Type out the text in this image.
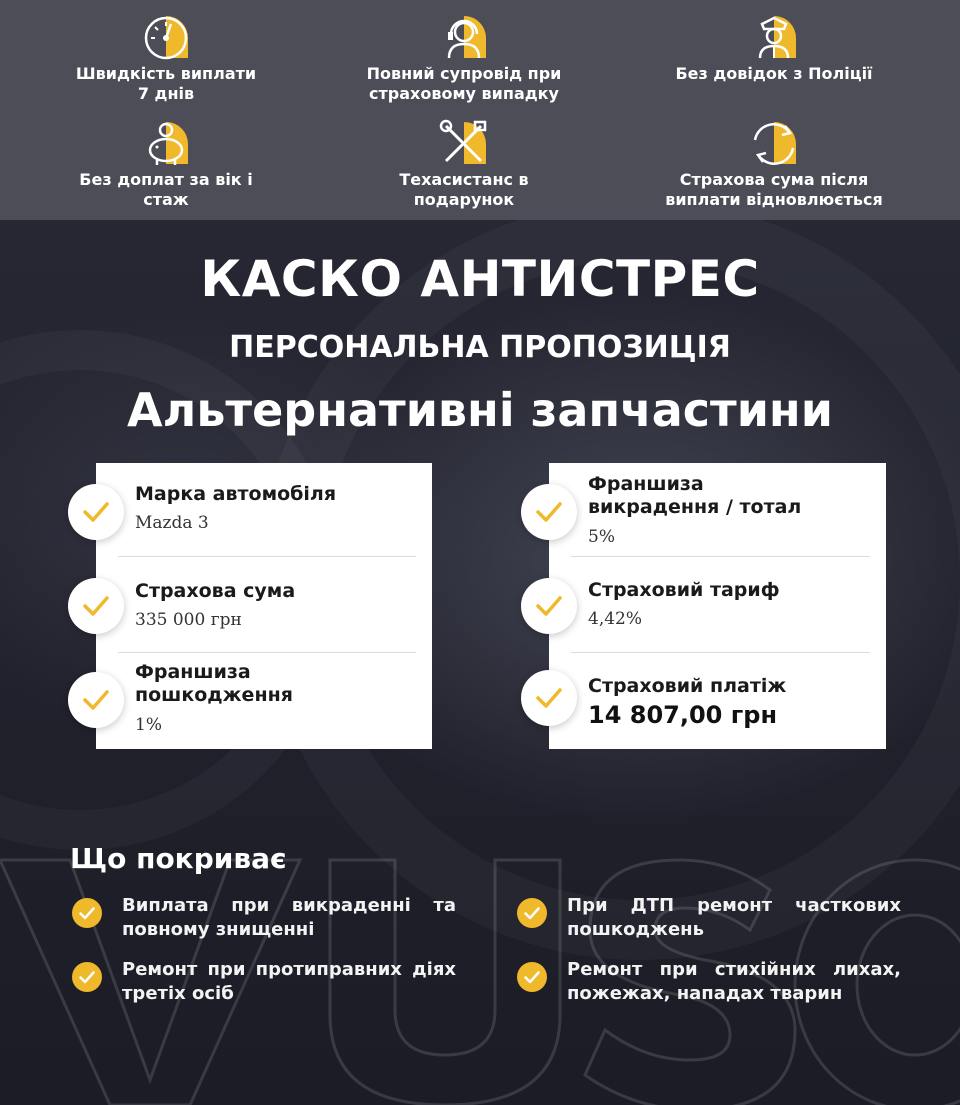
Швидкість виплати
7 днів
Повний супровід при
страховому випадку
Без довідок з Поліції
Без доплат за вік і
стаж
Техасистанс в
подарунок
Страхова сума після
виплати відновлюється
КАСКО АНТИСТРЕС
ПЕРСОНАЛЬНА ПРОПОЗИЦІЯ
Альтернативні запчастини
Марка автомобіля
Mazda 3
Страхова сума
335 000 грн
Франшиза
пошкодження
1%
Франшиза
викрадення / тотал
5%
Страховий тариф
4,42%
Страховий платіж
14 807,00 грн
Що покриває
Виплата при викраденні та повному знищенні
При ДТП ремонт часткових пошкоджень
Ремонт при протиправних діях третіх осіб
Ремонт при стихійних лихах, пожежах, нападах тварин
